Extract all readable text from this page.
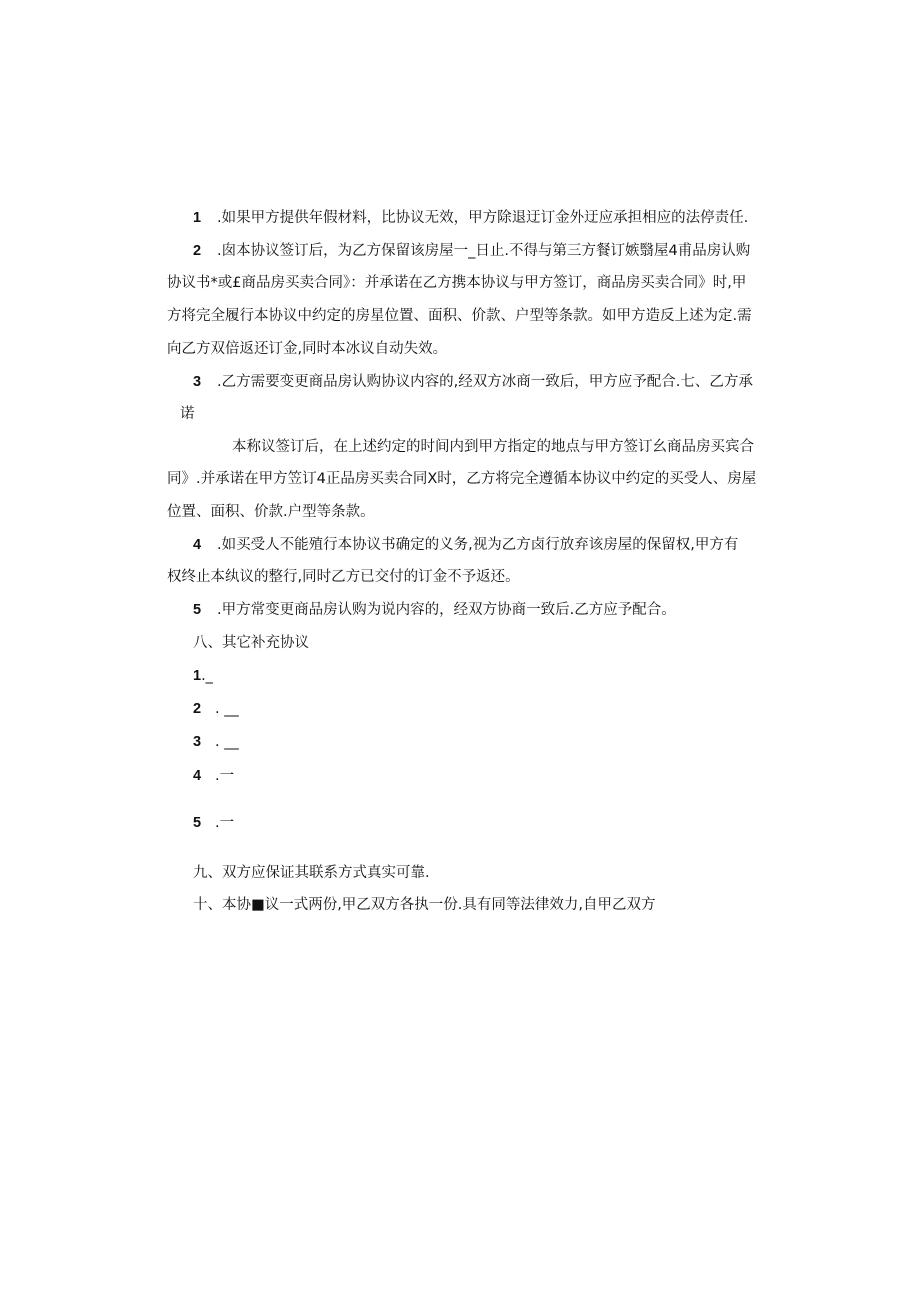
1 .如果甲方提供年假材料，比协议无效，甲方除退迂订金外迂应承担相应的法停责任.
2 .囱本协议签订后，为乙方保留该房屋一_日止.不得与第三方餐订嫉翳屋4甫品房认购
协议书*或£商品房买卖合同》：并承诺在乙方携本协议与甲方签订，商品房买卖合同》时,甲
方将完全履行本协议中约定的房星位置、面积、价款、户型等条款。如甲方造反上述为定.需
向乙方双倍返还订金,同时本冰议自动失效。
3 .乙方需要变更商品房认购协议内容的,经双方冰商一致后，甲方应予配合.七、乙方承
诺
本称议签订后，在上述约定的时间内到甲方指定的地点与甲方签订幺商品房买宾合
同》.并承诺在甲方笠订4正品房买卖合同X时，乙方将完全遵循本协议中约定的买受人、房屋
位置、面积、价款.户型等条款。
4 .如买受人不能殖行本协议书确定的义务,视为乙方卤行放弃该房屋的保留权,甲方有
权终止本纨议的整行,同时乙方已交付的订金不予返还。
5 .甲方常变更商品房认购为说内容的，经双方协商一致后.乙方应予配合。
八、其它补充协议
1._
2 . __
3 . __
4 .一
5 .一
九、双方应保证其联系方式真实可靠.
十、本协■议一式两份,甲乙双方各执一份.具有同等法律效力,自甲乙双方
